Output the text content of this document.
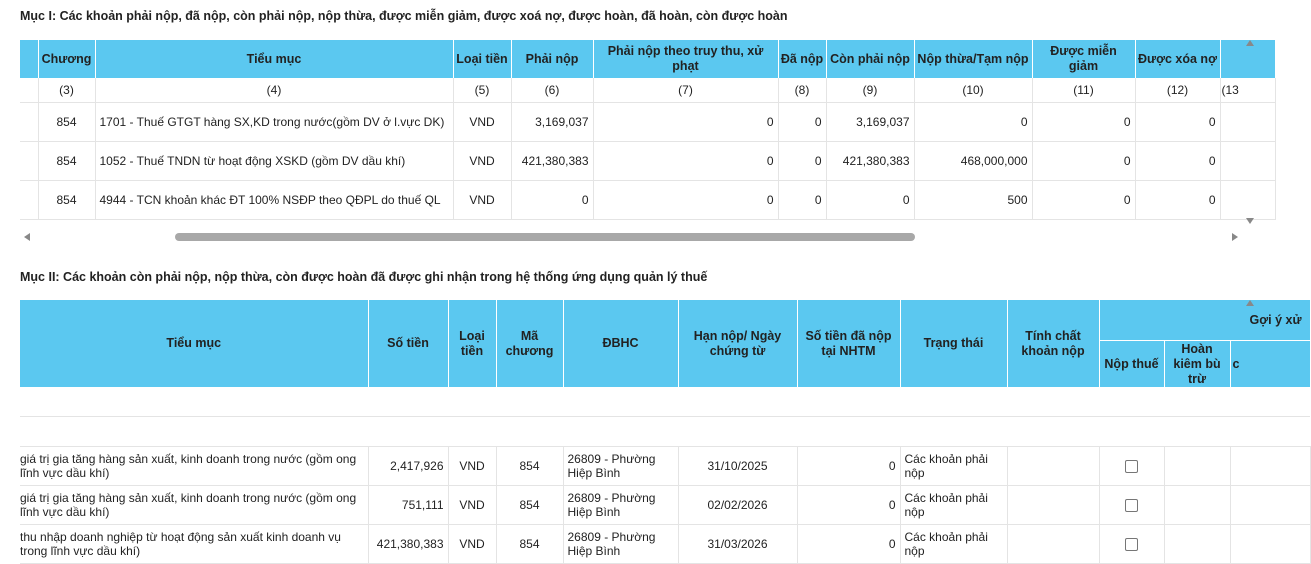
Mục I: Các khoản phải nộp, đã nộp, còn phải nộp, nộp thừa, được miễn giảm, được xoá nợ, được hoàn, đã hoàn, còn được hoàn
	Chương	Tiểu mục	Loại tiền	Phải nộp	Phải nộp theo truy thu, xử phạt	Đã nộp	Còn phải nộp	Nộp thừa/Tạm nộp	Được miễn giảm	Được xóa nợ	
	(3)	(4)	(5)	(6)	(7)	(8)	(9)	(10)	(11)	(12)	(13
	854	1701 - Thuế GTGT hàng SX,KD trong nước(gồm DV ở l.vực DK)	VND	3,169,037	0	0	3,169,037	0	0	0	
	854	1052 - Thuế TNDN từ hoạt động XSKD (gồm DV dầu khí)	VND	421,380,383	0	0	421,380,383	468,000,000	0	0	
	854	4944 - TCN khoản khác ĐT 100% NSĐP theo QĐPL do thuế QL	VND	0	0	0	0	500	0	0	
Mục II: Các khoản còn phải nộp, nộp thừa, còn được hoàn đã được ghi nhận trong hệ thống ứng dụng quản lý thuế
Tiểu mục	Số tiền	Loại tiền	Mã chương	ĐBHC	Hạn nộp/ Ngày chứng từ	Số tiền đã nộp tại NHTM	Trạng thái	Tính chất khoản nộp	Gợi ý xử		
									Nộp thuế	Hoàn kiêm bù trừ	c

giá trị gia tăng hàng sản xuất, kinh doanh trong nước (gồm ong lĩnh vực dầu khí)	2,417,926	VND	854	26809 - Phường Hiệp Bình	31/10/2025	0	Các khoản phải nộp				
giá trị gia tăng hàng sản xuất, kinh doanh trong nước (gồm ong lĩnh vực dầu khí)	751,111	VND	854	26809 - Phường Hiệp Bình	02/02/2026	0	Các khoản phải nộp				
thu nhập doanh nghiệp từ hoạt động sản xuất kinh doanh vụ trong lĩnh vực dầu khí)	421,380,383	VND	854	26809 - Phường Hiệp Bình	31/03/2026	0	Các khoản phải nộp				
